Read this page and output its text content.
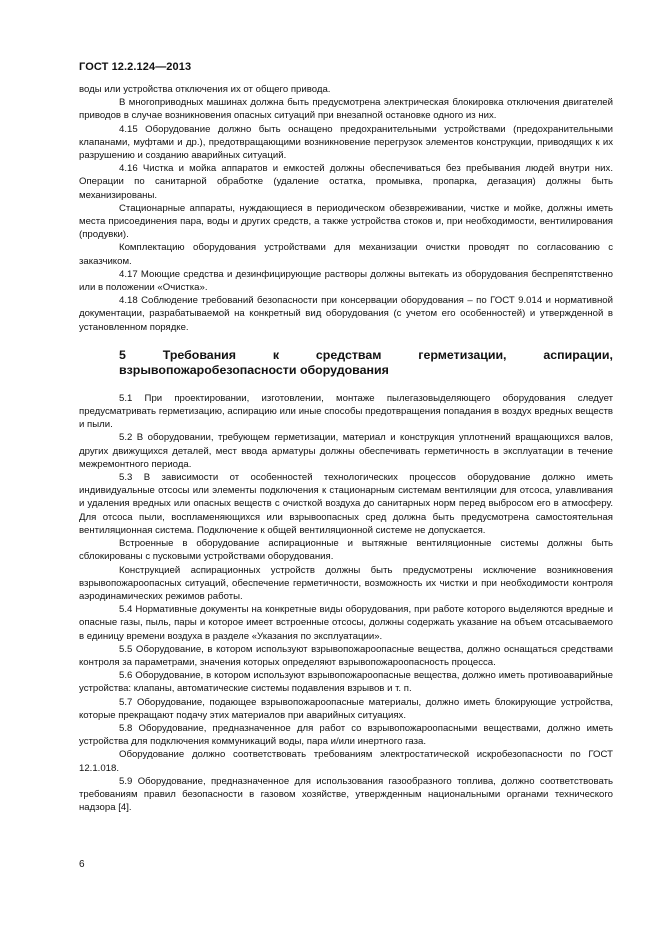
ГОСТ 12.2.124—2013

воды или устройства отключения их от общего привода.

В многоприводных машинах должна быть предусмотрена электрическая блокировка отключения двигателей приводов в случае возникновения опасных ситуаций при внезапной остановке одного из них.

4.15 Оборудование должно быть оснащено предохранительными устройствами (предохранительными клапанами, муфтами и др.), предотвращающими возникновение перегрузок элементов конструкции, приводящих к их разрушению и созданию аварийных ситуаций.

4.16 Чистка и мойка аппаратов и емкостей должны обеспечиваться без пребывания людей внутри них. Операции по санитарной обработке (удаление остатка, промывка, пропарка, дегазация) должны быть механизированы.

Стационарные аппараты, нуждающиеся в периодическом обезвреживании, чистке и мойке, должны иметь места присоединения пара, воды и других средств, а также устройства стоков и, при необходимости, вентилирования (продувки).

Комплектацию оборудования устройствами для механизации очистки проводят по согласованию с заказчиком.

4.17 Моющие средства и дезинфицирующие растворы должны вытекать из оборудования беспрепятственно или в положении «Очистка».

4.18 Соблюдение требований безопасности при консервации оборудования – по ГОСТ 9.014 и нормативной документации, разрабатываемой на конкретный вид оборудования (с учетом его особенностей) и утвержденной в установленном порядке.

5 Требования к средствам герметизации, аспирации, взрывопожаробезопасности оборудования

5.1 При проектировании, изготовлении, монтаже пылегазовыделяющего оборудования следует предусматривать герметизацию, аспирацию или иные способы предотвращения попадания в воздух вредных веществ и пыли.

5.2 В оборудовании, требующем герметизации, материал и конструкция уплотнений вращающихся валов, других движущихся деталей, мест ввода арматуры должны обеспечивать герметичность в эксплуатации в течение межремонтного периода.

5.3 В зависимости от особенностей технологических процессов оборудование должно иметь индивидуальные отсосы или элементы подключения к стационарным системам вентиляции для отсоса, улавливания и удаления вредных или опасных веществ с очисткой воздуха до санитарных норм перед выбросом его в атмосферу. Для отсоса пыли, воспламеняющихся или взрывоопасных сред должна быть предусмотрена самостоятельная вентиляционная система. Подключение к общей вентиляционной системе не допускается.

Встроенные в оборудование аспирационные и вытяжные вентиляционные системы должны быть сблокированы с пусковыми устройствами оборудования.

Конструкцией аспирационных устройств должны быть предусмотрены исключение возникновения взрывопожароопасных ситуаций, обеспечение герметичности, возможность их чистки и при необходимости контроля аэродинамических режимов работы.

5.4 Нормативные документы на конкретные виды оборудования, при работе которого выделяются вредные и опасные газы, пыль, пары и которое имеет встроенные отсосы, должны содержать указание на объем отсасываемого в единицу времени воздуха в разделе «Указания по эксплуатации».

5.5 Оборудование, в котором используют взрывопожароопасные вещества, должно оснащаться средствами контроля за параметрами, значения которых определяют взрывопожароопасность процесса.

5.6 Оборудование, в котором используют взрывопожароопасные вещества, должно иметь противоаварийные устройства: клапаны, автоматические системы подавления взрывов и т. п.

5.7 Оборудование, подающее взрывопожароопасные материалы, должно иметь блокирующие устройства, которые прекращают подачу этих материалов при аварийных ситуациях.

5.8 Оборудование, предназначенное для работ со взрывопожароопасными веществами, должно иметь устройства для подключения коммуникаций воды, пара и/или инертного газа.

Оборудование должно соответствовать требованиям электростатической искробезопасности по ГОСТ 12.1.018.

5.9 Оборудование, предназначенное для использования газообразного топлива, должно соответствовать требованиям правил безопасности в газовом хозяйстве, утвержденным национальными органами технического надзора [4].

6
